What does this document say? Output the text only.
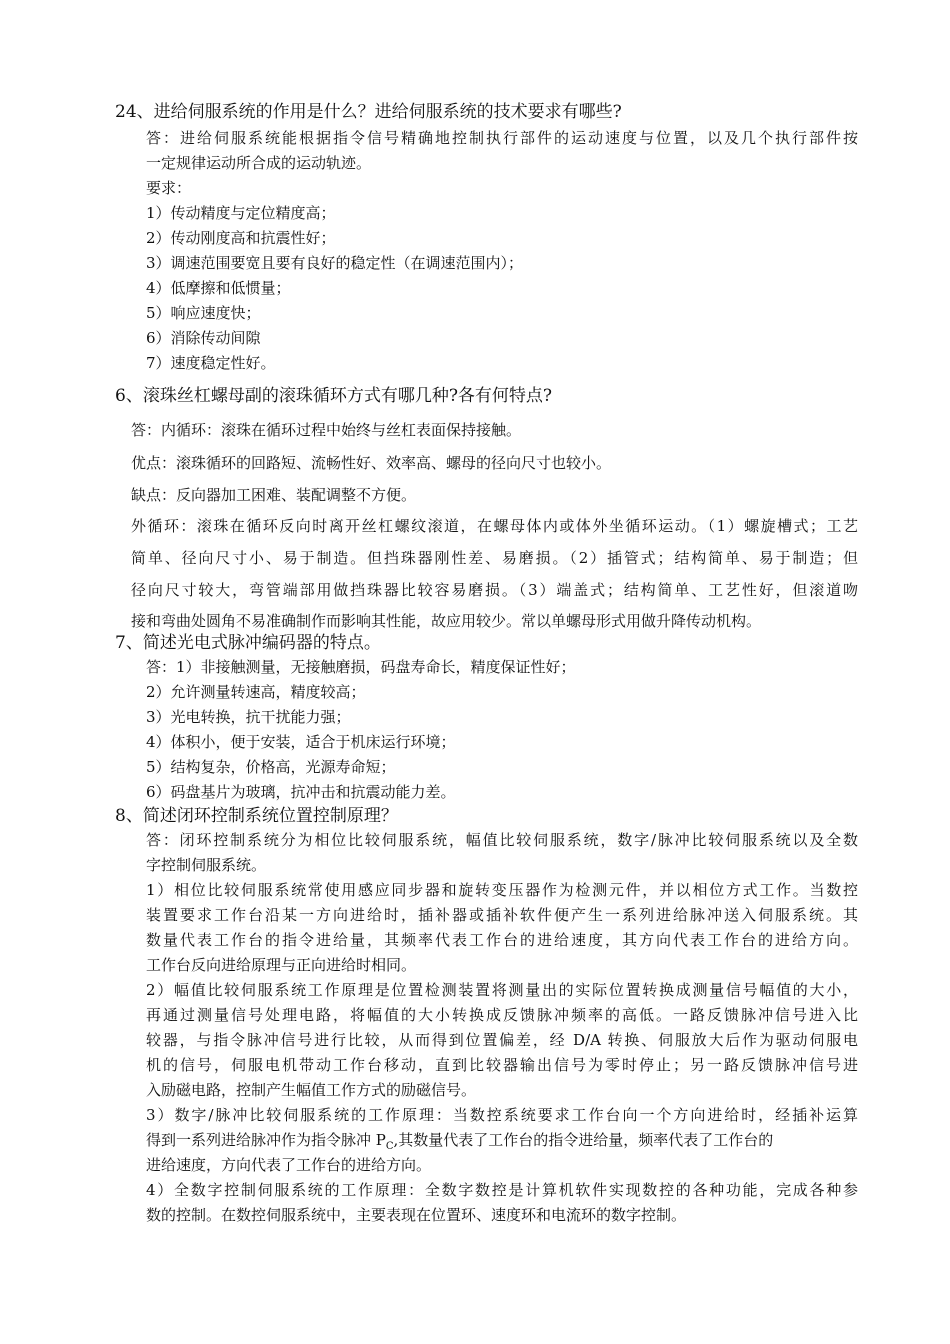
24、进给伺服系统的作用是什么？进给伺服系统的技术要求有哪些?
答：进给伺服系统能根据指令信号精确地控制执行部件的运动速度与位置，以及几个执行部件按
一定规律运动所合成的运动轨迹。
要求：
1）传动精度与定位精度高；
2）传动刚度高和抗震性好；
3）调速范围要宽且要有良好的稳定性（在调速范围内）；
4）低摩擦和低惯量；
5）响应速度快；
6）消除传动间隙
7）速度稳定性好。
6、滚珠丝杠螺母副的滚珠循环方式有哪几种?各有何特点?
答：内循环：滚珠在循环过程中始终与丝杠表面保持接触。
优点：滚珠循环的回路短、流畅性好、效率高、螺母的径向尺寸也较小。
缺点：反向器加工困难、装配调整不方便。
外循环：滚珠在循环反向时离开丝杠螺纹滚道，在螺母体内或体外坐循环运动。（1）螺旋槽式；工艺
简单、径向尺寸小、易于制造。但挡珠器刚性差、易磨损。（2）插管式；结构简单、易于制造；但
径向尺寸较大，弯管端部用做挡珠器比较容易磨损。（3）端盖式；结构简单、工艺性好，但滚道吻
接和弯曲处圆角不易准确制作而影响其性能，故应用较少。常以单螺母形式用做升降传动机构。
7、简述光电式脉冲编码器的特点。
答：1）非接触测量，无接触磨损，码盘寿命长，精度保证性好；
2）允许测量转速高，精度较高；
3）光电转换，抗干扰能力强；
4）体积小，便于安装，适合于机床运行环境；
5）结构复杂，价格高，光源寿命短；
6）码盘基片为玻璃，抗冲击和抗震动能力差。
8、简述闭环控制系统位置控制原理？
答：闭环控制系统分为相位比较伺服系统，幅值比较伺服系统，数字/脉冲比较伺服系统以及全数
字控制伺服系统。
1）相位比较伺服系统常使用感应同步器和旋转变压器作为检测元件，并以相位方式工作。当数控
装置要求工作台沿某一方向进给时，插补器或插补软件便产生一系列进给脉冲送入伺服系统。其
数量代表工作台的指令进给量，其频率代表工作台的进给速度，其方向代表工作台的进给方向。
工作台反向进给原理与正向进给时相同。
2）幅值比较伺服系统工作原理是位置检测装置将测量出的实际位置转换成测量信号幅值的大小，
再通过测量信号处理电路，将幅值的大小转换成反馈脉冲频率的高低。一路反馈脉冲信号进入比
较器，与指令脉冲信号进行比较，从而得到位置偏差，经 D/A 转换、伺服放大后作为驱动伺服电
机的信号，伺服电机带动工作台移动，直到比较器输出信号为零时停止；另一路反馈脉冲信号进
入励磁电路，控制产生幅值工作方式的励磁信号。
3）数字/脉冲比较伺服系统的工作原理：当数控系统要求工作台向一个方向进给时，经插补运算
得到一系列进给脉冲作为指令脉冲 $P_C$,其数量代表了工作台的指令进给量，频率代表了工作台的
进给速度，方向代表了工作台的进给方向。
4）全数字控制伺服系统的工作原理：全数字数控是计算机软件实现数控的各种功能，完成各种参
数的控制。在数控伺服系统中，主要表现在位置环、速度环和电流环的数字控制。
